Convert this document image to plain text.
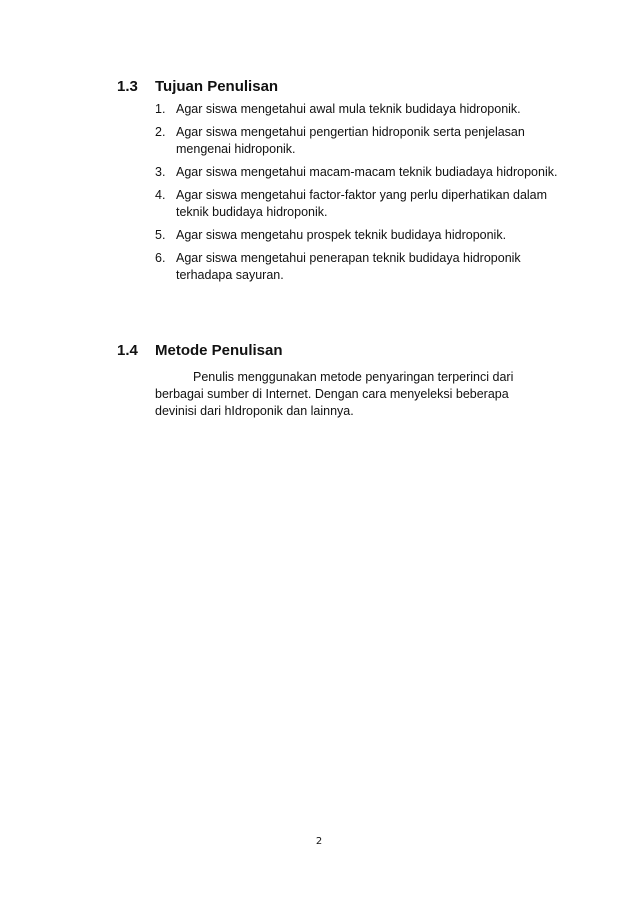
1.3 Tujuan Penulisan
1. Agar siswa mengetahui awal mula teknik budidaya hidroponik.
2. Agar siswa mengetahui pengertian hidroponik serta penjelasan mengenai hidroponik.
3. Agar siswa mengetahui macam-macam teknik budiadaya hidroponik.
4. Agar siswa mengetahui factor-faktor yang perlu diperhatikan dalam teknik budidaya hidroponik.
5. Agar siswa mengetahu prospek teknik budidaya hidroponik.
6. Agar siswa mengetahui penerapan teknik budidaya hidroponik terhadapa sayuran.
1.4 Metode Penulisan

Penulis menggunakan metode penyaringan terperinci dari berbagai sumber di Internet. Dengan cara menyeleksi beberapa devinisi dari hIdroponik dan lainnya.

2
